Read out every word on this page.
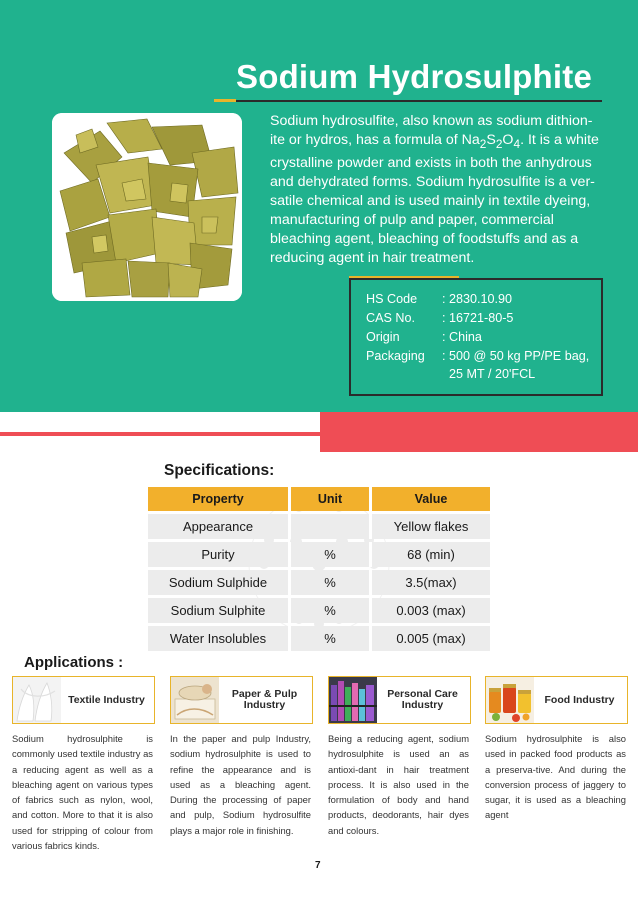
Sodium Hydrosulphite
Sodium hydrosulfite, also known as sodium dithion-
ite or hydros, has a formula of $Na_2S_2O_4$. It is a white
crystalline powder and exists in both the anhydrous
and dehydrated forms. Sodium hydrosulfite is a ver-
satile chemical and is used mainly in textile dyeing,
manufacturing of pulp and paper, commercial
bleaching agent, bleaching of foodstuffs and as a
reducing agent in hair treatment.
HS Code : 2830.10.90
CAS No. : 16721-80-5
Origin	: China
Packaging : 500 @ 50 kg PP/PE bag,
25 MT / 20'FCL
Specifications:
Property		Unit		Value
Appearance				Yellow flakes
Purity		%		68 (min)
Sodium Sulphide		%		3.5(max)
Sodium Sulphite		%		0.003 (max)
Water Insolubles		%		0.005 (max)
Applications :
Textile Industry
Sodium hydrosulphite is commonly used textile industry as a reducing agent as well as a bleaching agent on various types of fabrics such as nylon, wool, and cotton. More to that it is also used for stripping of colour from various fabrics kinds.
Paper & Pulp Industry
In the paper and pulp Industry, sodium hydrosulphite is used to refine the appearance and is used as a bleaching agent. During the processing of paper and pulp, Sodium hydrosulfite plays a major role in finishing.
Personal Care Industry
Being a reducing agent, sodium hydrosulphite is used an as antioxi-dant in hair treatment process. It is also used in the formulation of body and hand products, deodorants, hair dyes and colours.
Food Industry
Sodium hydrosulphite is also used in packed food products as a preserva-tive. And during the conversion process of jaggery to sugar, it is used as a bleaching agent
7
